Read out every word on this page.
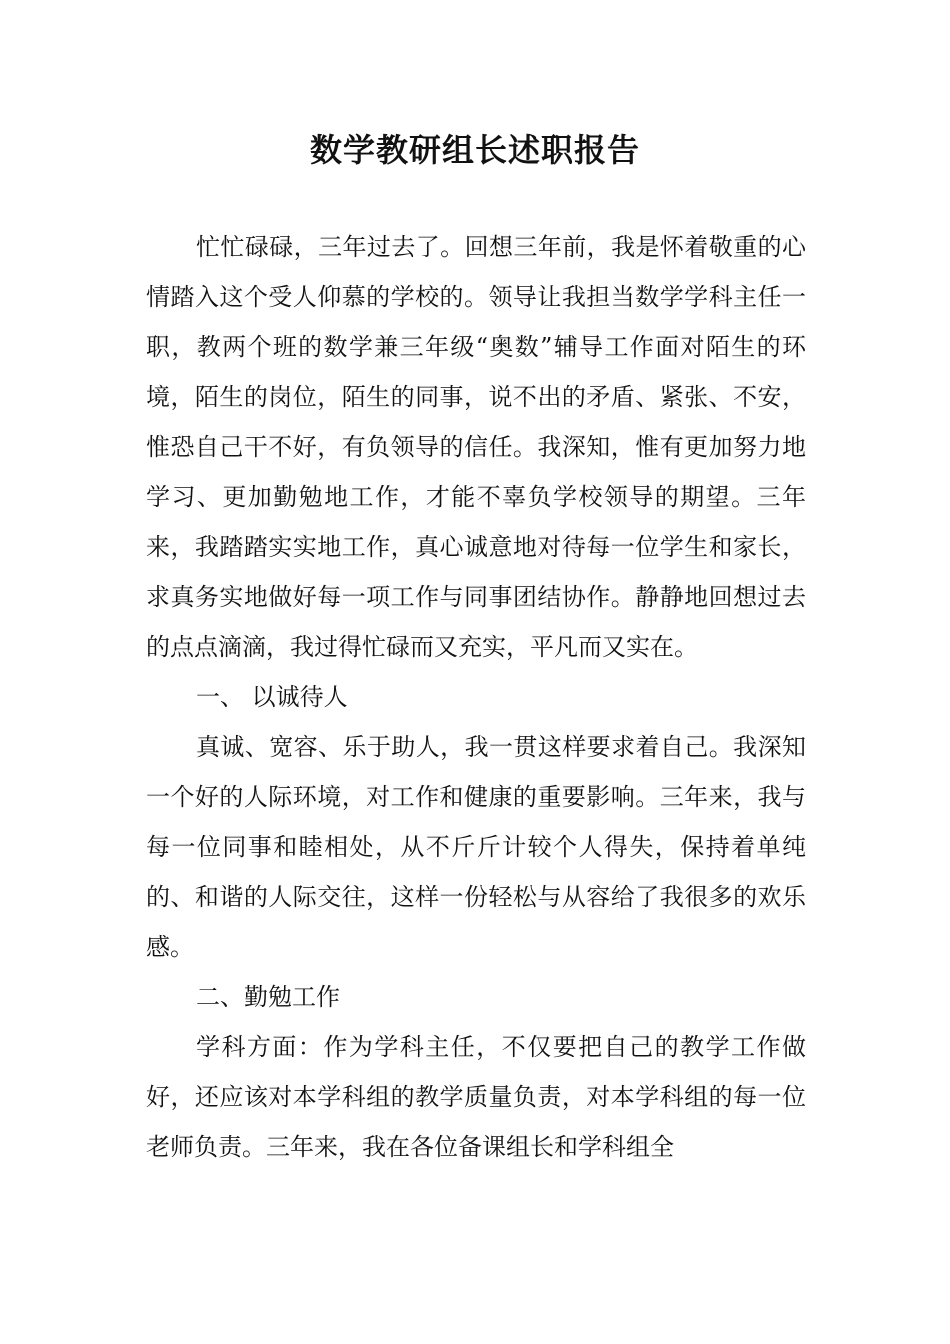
数学教研组长述职报告

忙忙碌碌，三年过去了。回想三年前，我是怀着敬重的心情踏入这个受人仰慕的学校的。领导让我担当数学学科主任一职，教两个班的数学兼三年级“奥数”辅导工作面对陌生的环境，陌生的岗位，陌生的同事，说不出的矛盾、紧张、不安，惟恐自己干不好，有负领导的信任。我深知，惟有更加努力地学习、更加勤勉地工作，才能不辜负学校领导的期望。三年来，我踏踏实实地工作，真心诚意地对待每一位学生和家长，求真务实地做好每一项工作与同事团结协作。静静地回想过去的点点滴滴，我过得忙碌而又充实，平凡而又实在。

一、 以诚待人

真诚、宽容、乐于助人，我一贯这样要求着自己。我深知一个好的人际环境，对工作和健康的重要影响。三年来，我与每一位同事和睦相处，从不斤斤计较个人得失，保持着单纯的、和谐的人际交往，这样一份轻松与从容给了我很多的欢乐感。

二、勤勉工作

学科方面：作为学科主任，不仅要把自己的教学工作做好，还应该对本学科组的教学质量负责，对本学科组的每一位老师负责。三年来，我在各位备课组长和学科组全
